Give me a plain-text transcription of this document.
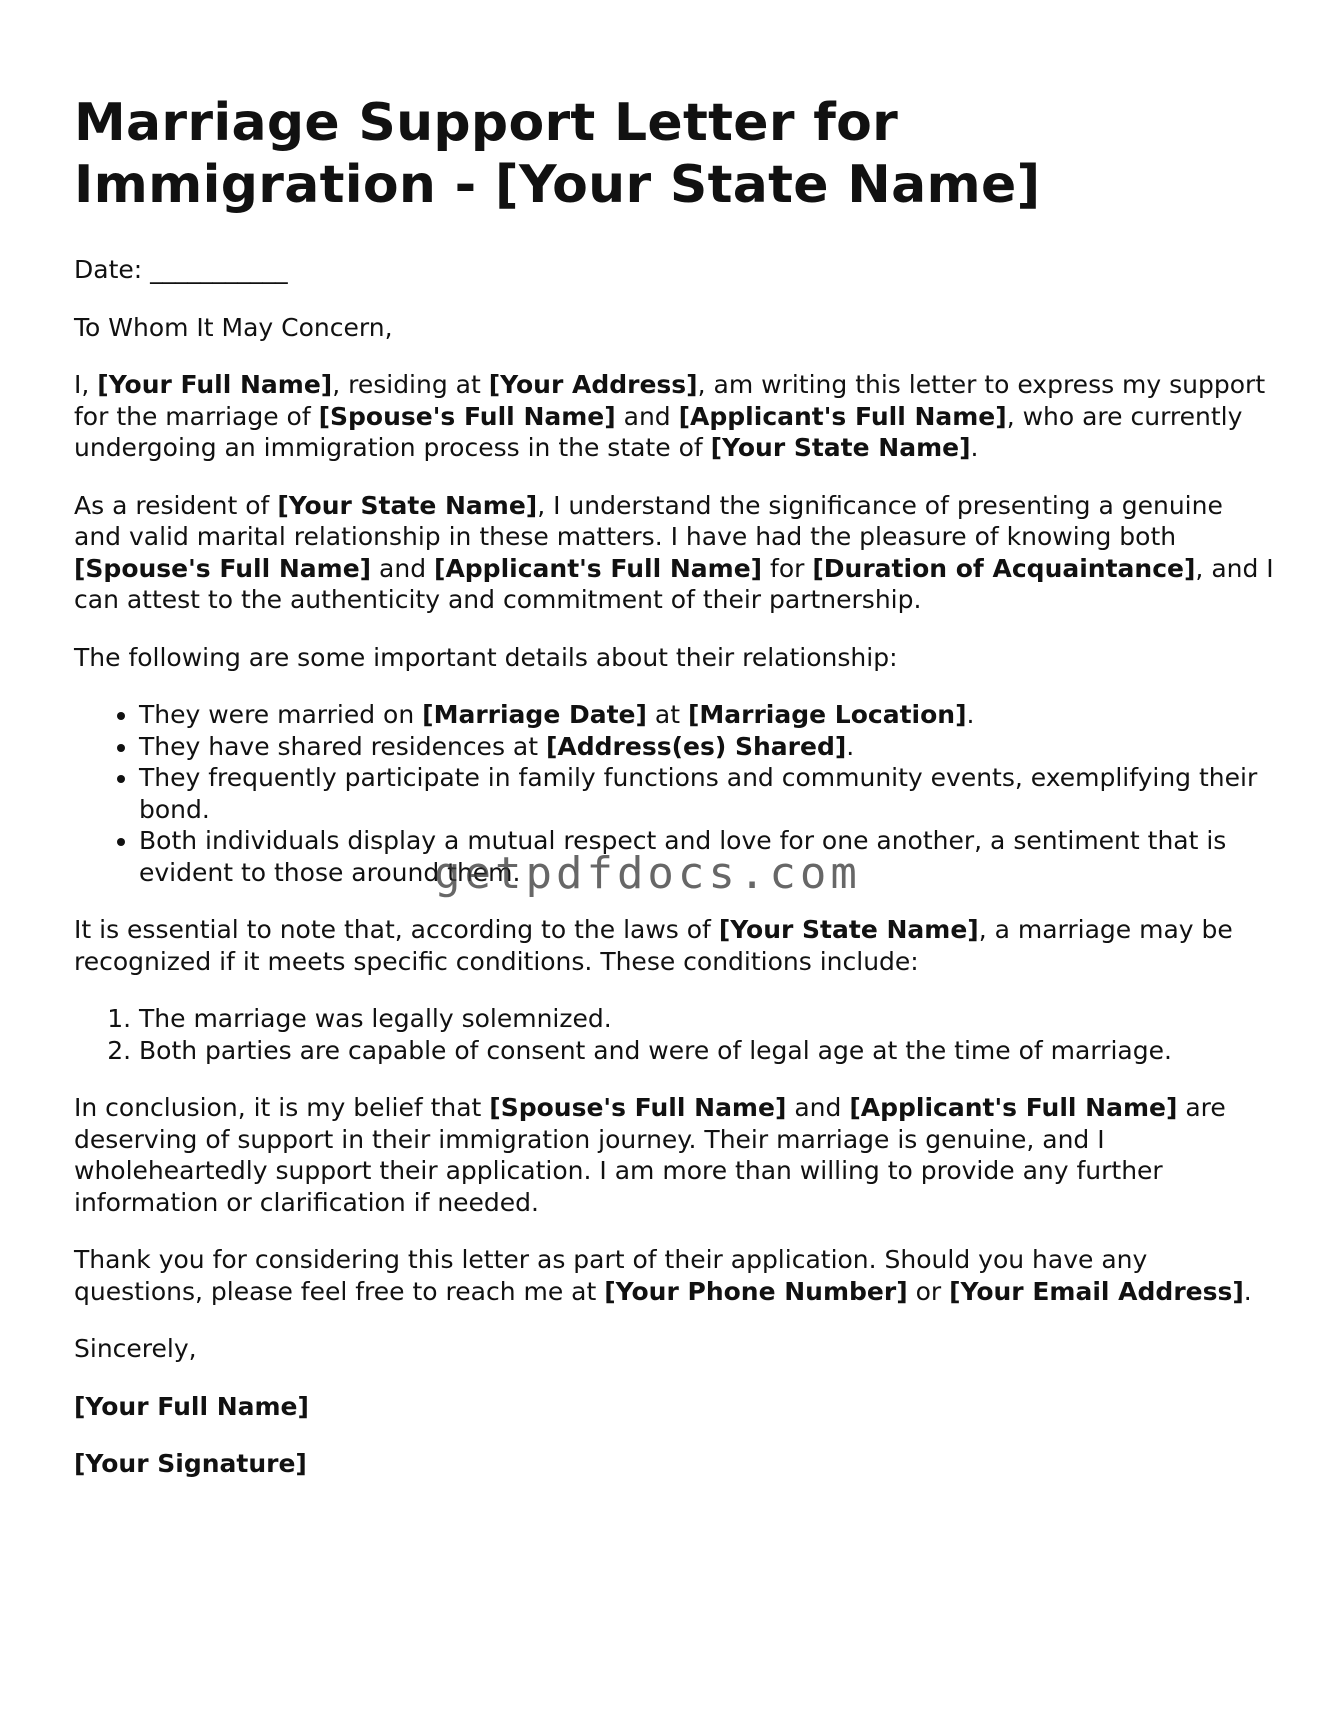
Marriage Support Letter for Immigration - [Your State Name]

Date: ___________

To Whom It May Concern,

I, [Your Full Name], residing at [Your Address], am writing this letter to express my support for the marriage of [Spouse's Full Name] and [Applicant's Full Name], who are currently undergoing an immigration process in the state of [Your State Name].

As a resident of [Your State Name], I understand the significance of presenting a genuine and valid marital relationship in these matters. I have had the pleasure of knowing both [Spouse's Full Name] and [Applicant's Full Name] for [Duration of Acquaintance], and I can attest to the authenticity and commitment of their partnership.

The following are some important details about their relationship:

• They were married on [Marriage Date] at [Marriage Location].
• They have shared residences at [Address(es) Shared].
• They frequently participate in family functions and community events, exemplifying their bond.
• Both individuals display a mutual respect and love for one another, a sentiment that is evident to those around them.

It is essential to note that, according to the laws of [Your State Name], a marriage may be recognized if it meets specific conditions. These conditions include:

1. The marriage was legally solemnized.
2. Both parties are capable of consent and were of legal age at the time of marriage.

In conclusion, it is my belief that [Spouse's Full Name] and [Applicant's Full Name] are deserving of support in their immigration journey. Their marriage is genuine, and I wholeheartedly support their application. I am more than willing to provide any further information or clarification if needed.

Thank you for considering this letter as part of their application. Should you have any questions, please feel free to reach me at [Your Phone Number] or [Your Email Address].

Sincerely,

[Your Full Name]

[Your Signature]

getpdfdocs.com
